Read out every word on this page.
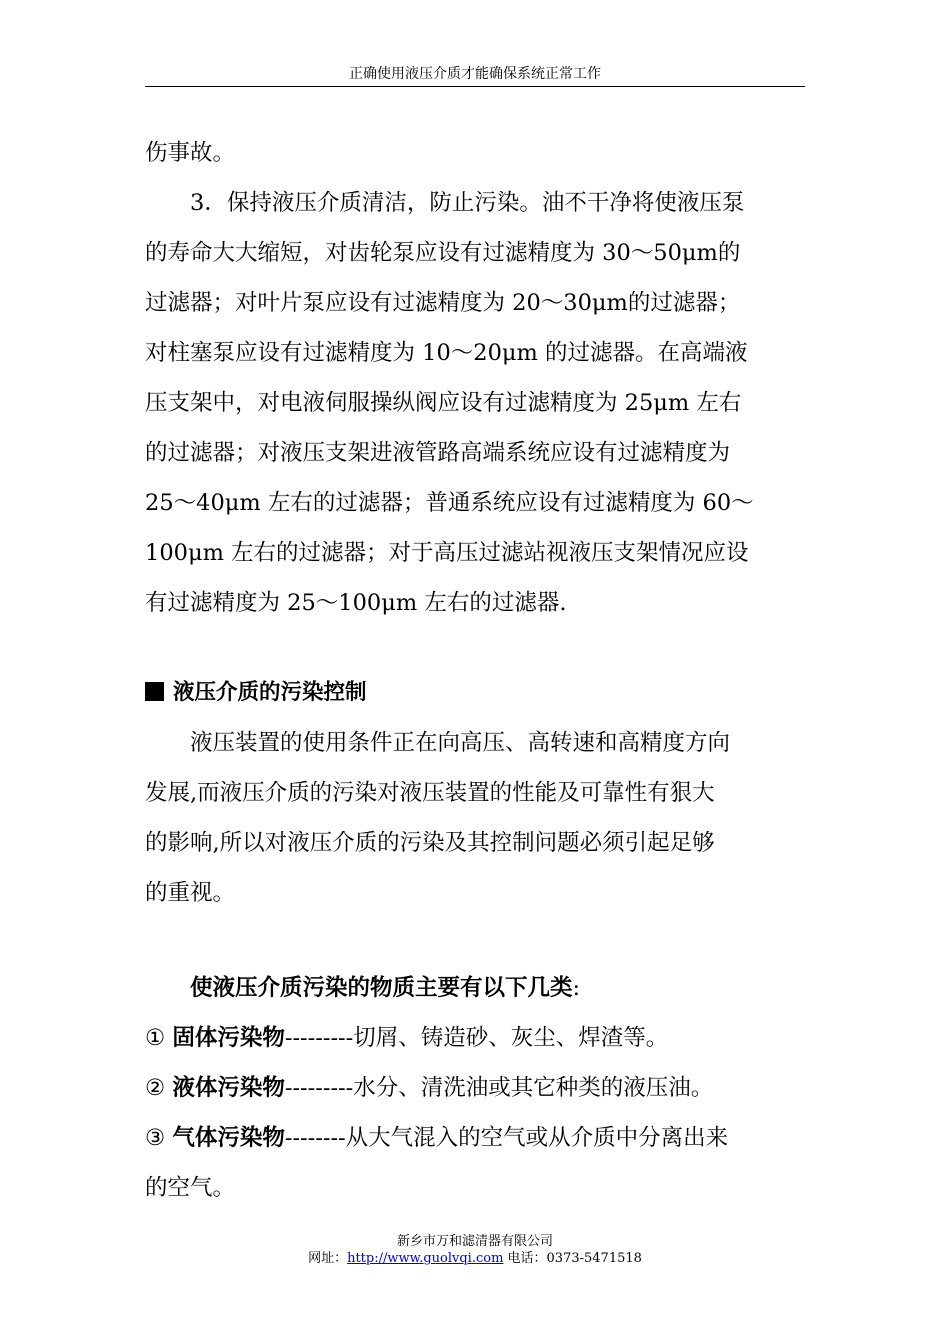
正确使用液压介质才能确保系统正常工作

伤事故。

3．保持液压介质清洁，防止污染。油不干净将使液压泵
的寿命大大缩短，对齿轮泵应设有过滤精度为 30～50μm的
过滤器；对叶片泵应设有过滤精度为 20～30μm的过滤器；
对柱塞泵应设有过滤精度为 10～20μm 的过滤器。在高端液
压支架中，对电液伺服操纵阀应设有过滤精度为 25μm 左右
的过滤器；对液压支架进液管路高端系统应设有过滤精度为
25～40μm 左右的过滤器；普通系统应设有过滤精度为 60～
100μm 左右的过滤器；对于高压过滤站视液压支架情况应设
有过滤精度为 25～100μm 左右的过滤器.

液压介质的污染控制

液压装置的使用条件正在向高压、高转速和高精度方向
发展,而液压介质的污染对液压装置的性能及可靠性有狠大
的影响,所以对液压介质的污染及其控制问题必须引起足够
的重视。

使液压介质污染的物质主要有以下几类:

① 固体污染物---------切屑、铸造砂、灰尘、焊渣等。

② 液体污染物---------水分、清洗油或其它种类的液压油。

③ 气体污染物--------从大气混入的空气或从介质中分离出来

的空气。

新乡市万和滤清器有限公司
网址：http://www.guolvqi.com 电话：0373-5471518
